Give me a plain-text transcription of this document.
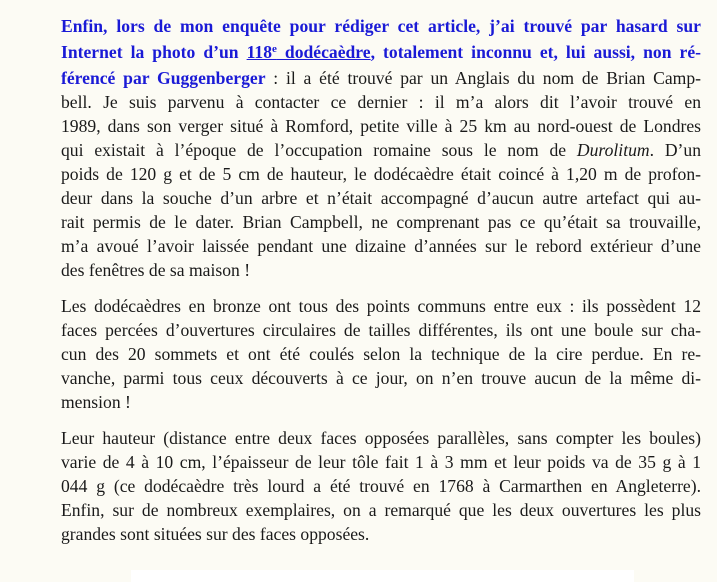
Enfin, lors de mon enquête pour rédiger cet article, j’ai trouvé par hasard sur

Internet la photo d’un 118e dodécaèdre, totalement inconnu et, lui aussi, non ré-

férencé par Guggenberger : il a été trouvé par un Anglais du nom de Brian Camp-

bell. Je suis parvenu à contacter ce dernier : il m’a alors dit l’avoir trouvé en

1989, dans son verger situé à Romford, petite ville à 25 km au nord-ouest de Londres

qui existait à l’époque de l’occupation romaine sous le nom de Durolitum. D’un

poids de 120 g et de 5 cm de hauteur, le dodécaèdre était coincé à 1,20 m de profon-

deur dans la souche d’un arbre et n’était accompagné d’aucun autre artefact qui au-

rait permis de le dater. Brian Campbell, ne comprenant pas ce qu’était sa trouvaille,

m’a avoué l’avoir laissée pendant une dizaine d’années sur le rebord extérieur d’une

des fenêtres de sa maison !

Les dodécaèdres en bronze ont tous des points communs entre eux : ils possèdent 12

faces percées d’ouvertures circulaires de tailles différentes, ils ont une boule sur cha-

cun des 20 sommets et ont été coulés selon la technique de la cire perdue. En re-

vanche, parmi tous ceux découverts à ce jour, on n’en trouve aucun de la même di-

mension !

Leur hauteur (distance entre deux faces opposées parallèles, sans compter les boules)

varie de 4 à 10 cm, l’épaisseur de leur tôle fait 1 à 3 mm et leur poids va de 35 g à 1

044 g (ce dodécaèdre très lourd a été trouvé en 1768 à Carmarthen en Angleterre).

Enfin, sur de nombreux exemplaires, on a remarqué que les deux ouvertures les plus

grandes sont situées sur des faces opposées.
